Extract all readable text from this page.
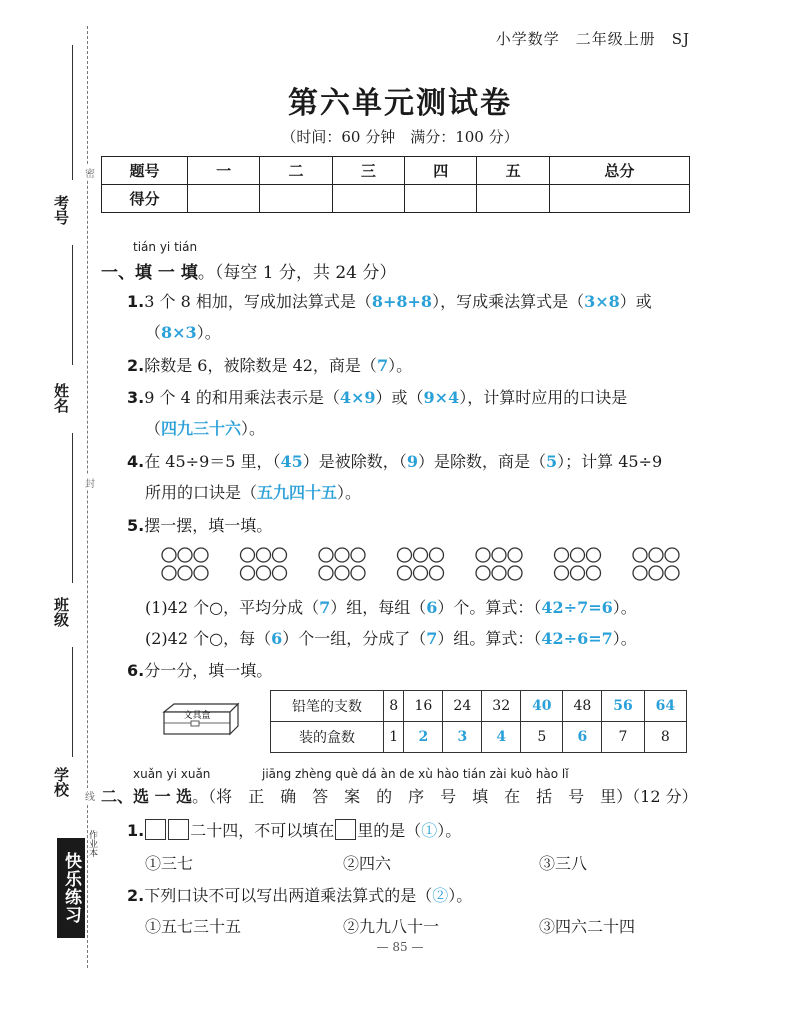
考号
姓名
班级
学校
密
封
线
快乐练习
作业本
小学数学　二年级上册　SJ
第六单元测试卷
（时间：60 分钟　满分：100 分）
题号	一	二	三	四	五	总分
得分						
tián yi tián
一、填 一 填。（每空 1 分，共 24 分）
1.3 个 8 相加，写成加法算式是（8+8+8），写成乘法算式是（3×8）或
（8×3）。
2.除数是 6，被除数是 42，商是（7）。
3.9 个 4 的和用乘法表示是（4×9）或（9×4），计算时应用的口诀是
（四九三十六）。
4.在 45÷9＝5 里，（45）是被除数，（9）是除数，商是（5）；计算 45÷9
所用的口诀是（五九四十五）。
5.摆一摆，填一填。
(1)42 个○，平均分成（7）组，每组（6）个。算式：（42÷7=6）。
(2)42 个○，每（6）个一组，分成了（7）组。算式：（42÷6=7）。
6.分一分，填一填。
文具盒
铅笔的支数	8	16	24	32	40	48	56	64
装的盒数	1	2	3	4	5	6	7	8
xuǎn yi xuǎn	jiāng zhèng què dá àn de xù hào tián zài kuò hào lǐ
二、选 一 选。（将　正　确　答　案　的　序　号　填　在　括　号　里）（12 分）
1.	二十四，不可以填在 里的是（①）。
①三七	②四六	③三八
2.下列口诀不可以写出两道乘法算式的是（②）。
①五七三十五	②九九八十一	③四六二十四
— 85 —
